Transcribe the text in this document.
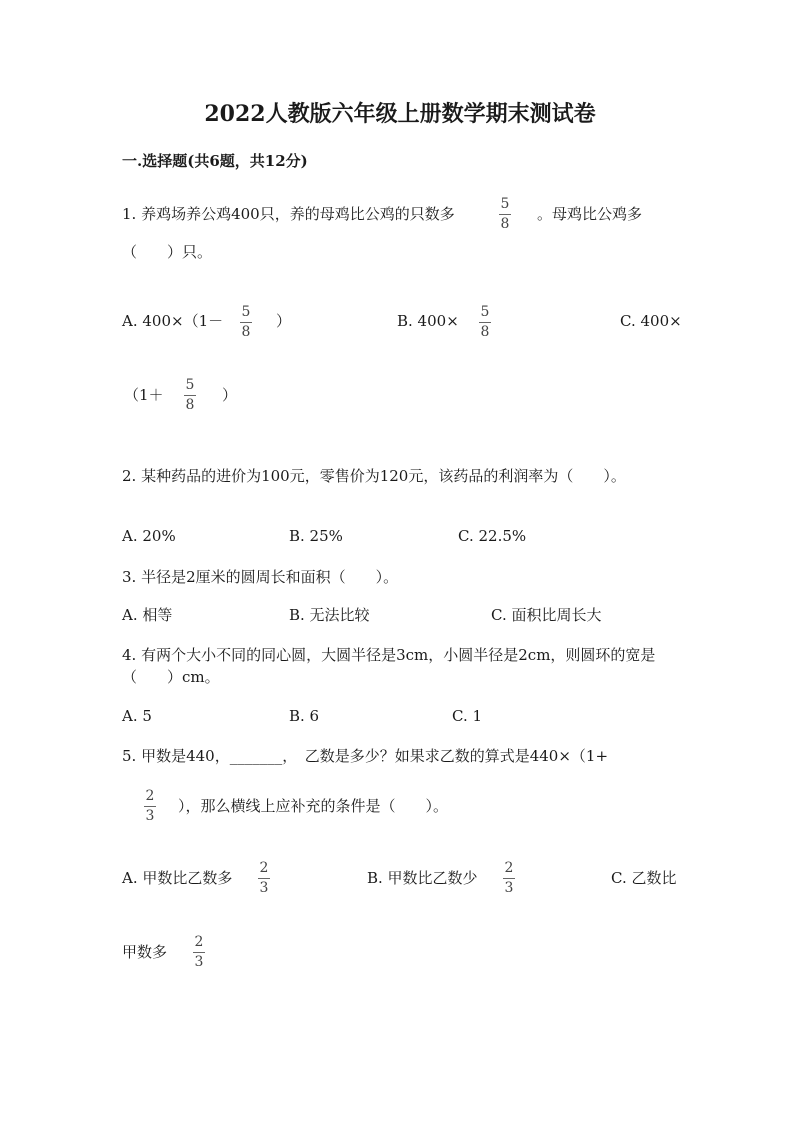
2022人教版六年级上册数学期末测试卷
一.选择题(共6题，共12分)
1. 养鸡场养公鸡400只，养的母鸡比公鸡的只数多
5
8
。母鸡比公鸡多
（　　）只。
A. 400×（1－ 5
8
）	B. 400× 5
8
C. 400×
（1＋
5
8
）
2. 某种药品的进价为100元，零售价为120元，该药品的利润率为（　　）。
A. 20%	B. 25%	C. 22.5%
3. 半径是2厘米的圆周长和面积（　　）。
A. 相等	B. 无法比较	C. 面积比周长大
4. 有两个大小不同的同心圆，大圆半径是3cm，小圆半径是2cm，则圆环的宽是
（　　）cm。
A. 5	B. 6	C. 1
5. 甲数是440，_______，　乙数是多少？如果求乙数的算式是440×（1+
2
3
），那么横线上应补充的条件是（　　）。
A. 甲数比乙数多
2
3
B. 甲数比乙数少
2
3
C. 乙数比
甲数多
2
3
